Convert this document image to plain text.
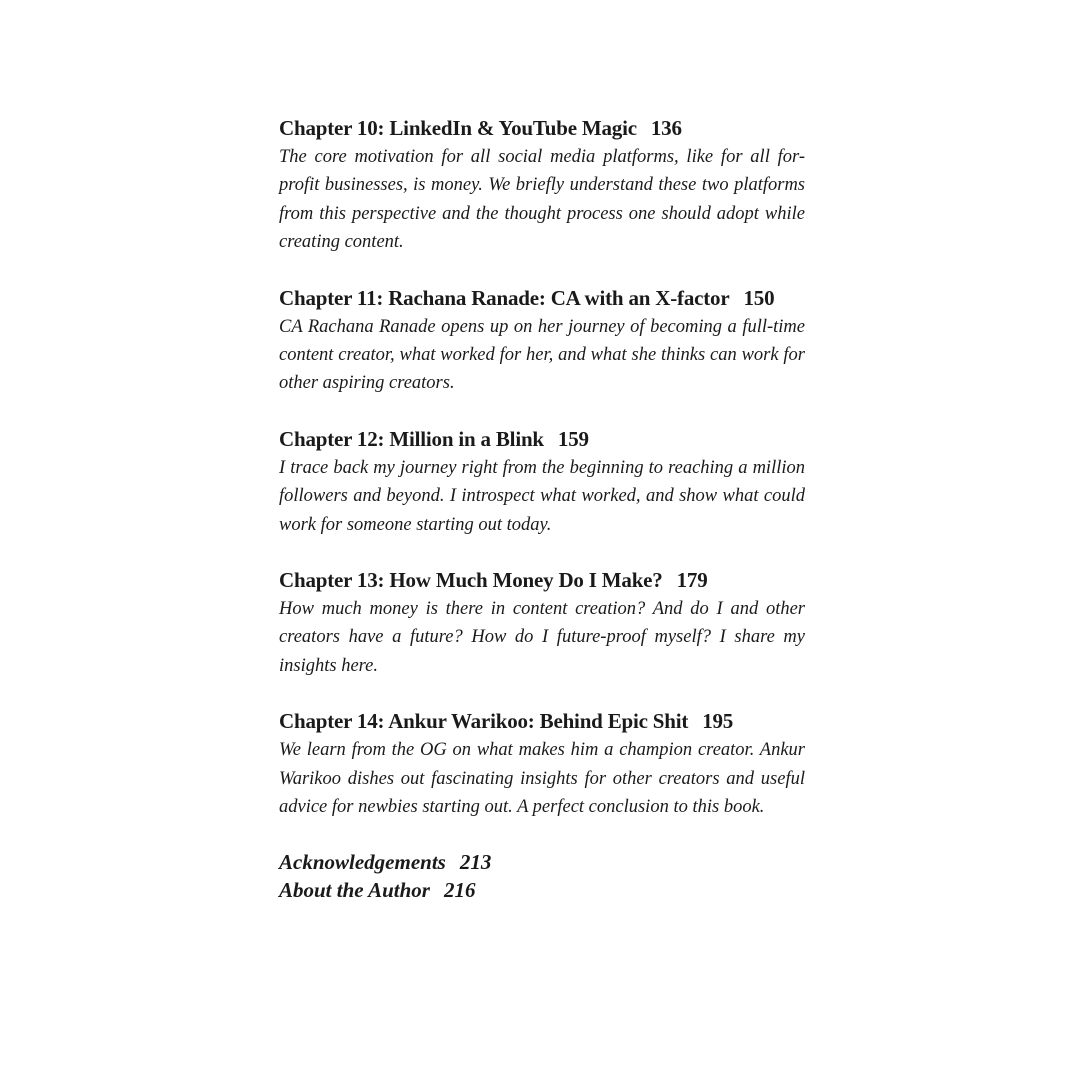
Chapter 10: LinkedIn & YouTube Magic 136

The core motivation for all social media platforms, like for all for-profit businesses, is money. We briefly understand these two platforms from this perspective and the thought process one should adopt while creating content.

Chapter 11: Rachana Ranade: CA with an X-factor 150

CA Rachana Ranade opens up on her journey of becoming a full-time content creator, what worked for her, and what she thinks can work for other aspiring creators.

Chapter 12: Million in a Blink 159

I trace back my journey right from the beginning to reaching a million followers and beyond. I introspect what worked, and show what could work for someone starting out today.

Chapter 13: How Much Money Do I Make? 179

How much money is there in content creation? And do I and other creators have a future? How do I future-proof myself? I share my insights here.

Chapter 14: Ankur Warikoo: Behind Epic Shit 195

We learn from the OG on what makes him a champion creator. Ankur Warikoo dishes out fascinating insights for other creators and useful advice for newbies starting out. A perfect conclusion to this book.

Acknowledgements 213
About the Author 216
